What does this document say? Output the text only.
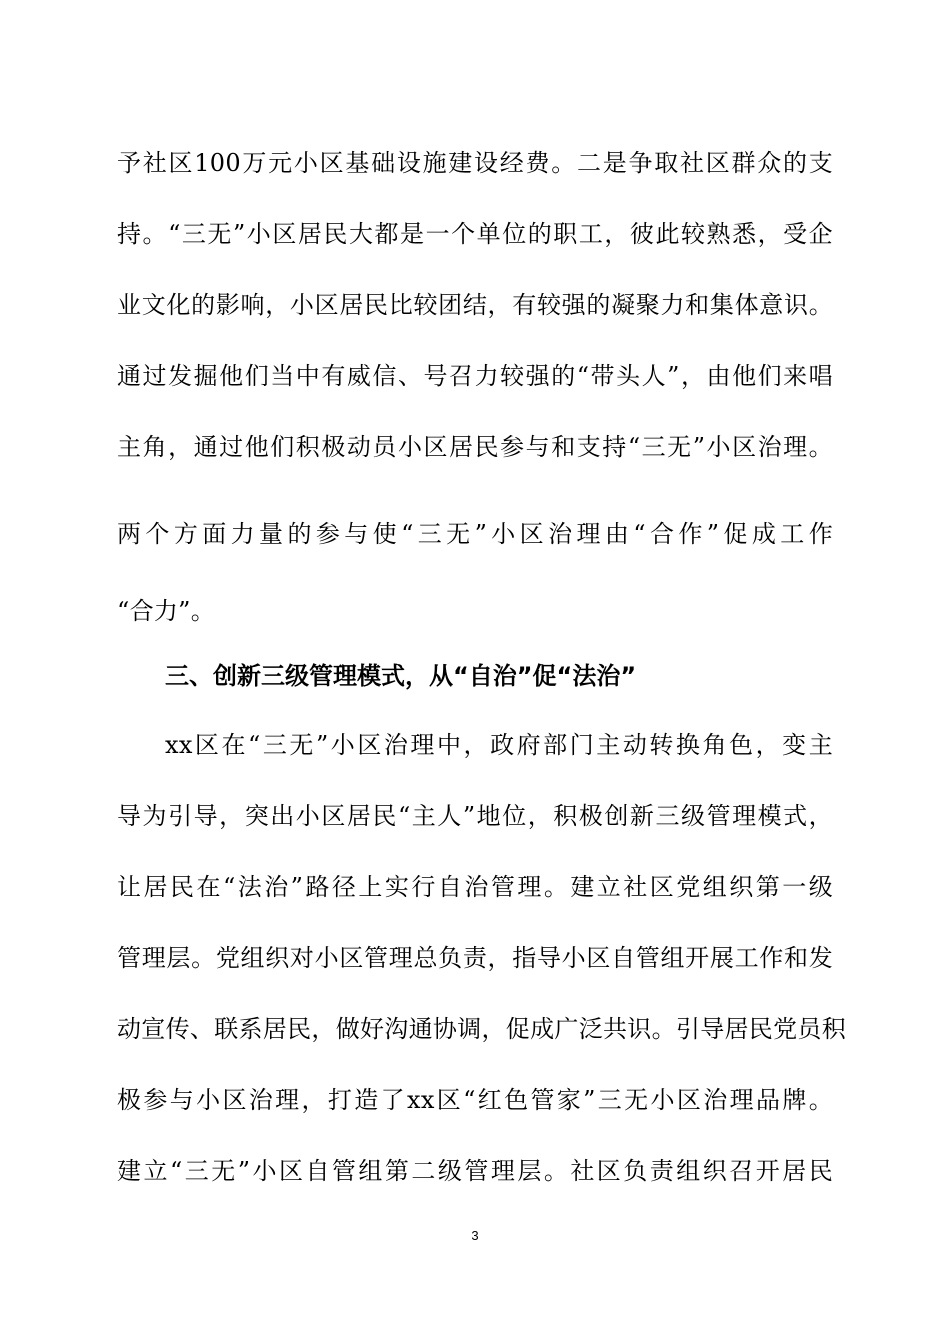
予社区100万元小区基础设施建设经费。二是争取社区群众的支
持。“三无”小区居民大都是一个单位的职工，彼此较熟悉，受企
业文化的影响，小区居民比较团结，有较强的凝聚力和集体意识。
通过发掘他们当中有威信、号召力较强的“带头人”，由他们来唱
主角，通过他们积极动员小区居民参与和支持“三无”小区治理。
两个方面力量的参与使“三无”小区治理由“合作”促成工作
“合力”。
三、创新三级管理模式，从“自治”促“法治”
xx区在“三无”小区治理中，政府部门主动转换角色，变主
导为引导，突出小区居民“主人”地位，积极创新三级管理模式，
让居民在“法治”路径上实行自治管理。建立社区党组织第一级
管理层。党组织对小区管理总负责，指导小区自管组开展工作和发
动宣传、联系居民，做好沟通协调，促成广泛共识。引导居民党员积
极参与小区治理，打造了xx区“红色管家”三无小区治理品牌。
建立“三无”小区自管组第二级管理层。社区负责组织召开居民
3
